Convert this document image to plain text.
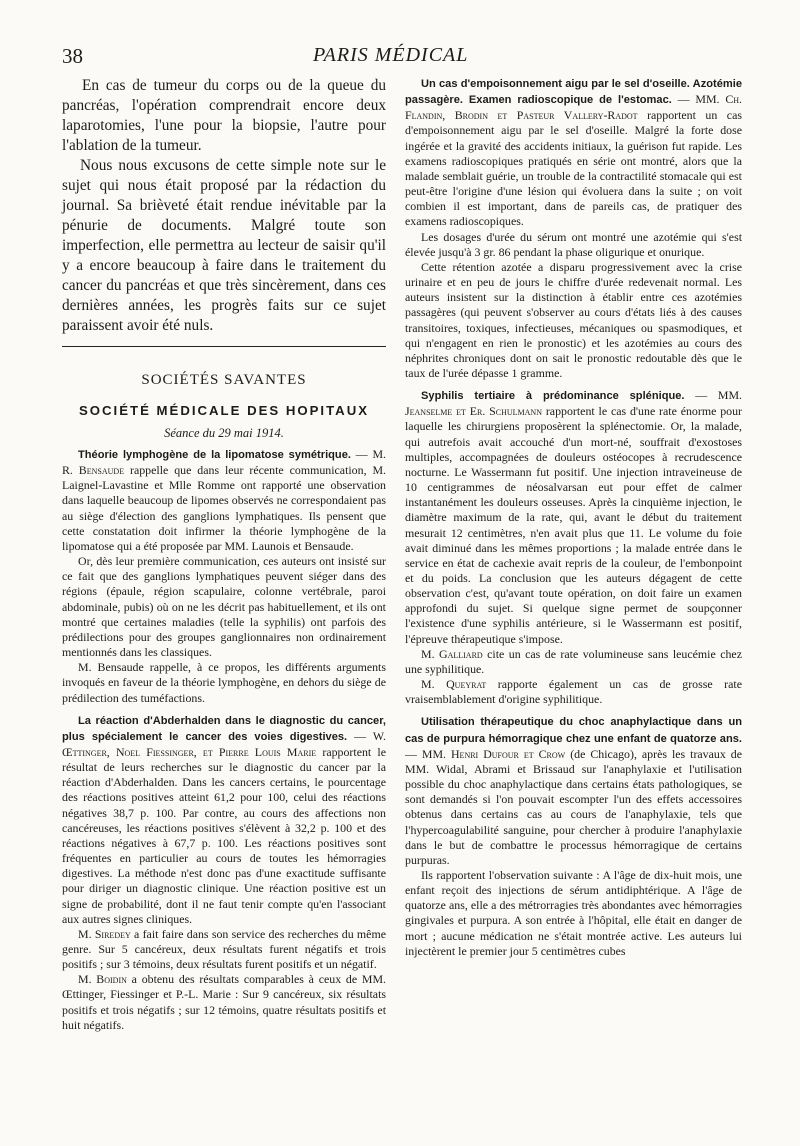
38	PARIS MÉDICAL

En cas de tumeur du corps ou de la queue du pancréas, l'opération comprendrait encore deux laparotomies, l'une pour la biopsie, l'autre pour l'ablation de la tumeur.

Nous nous excusons de cette simple note sur le sujet qui nous était proposé par la rédaction du journal. Sa brièveté était rendue inévitable par la pénurie de documents. Malgré toute son imperfection, elle permettra au lecteur de saisir qu'il y a encore beaucoup à faire dans le traitement du cancer du pancréas et que très sincèrement, dans ces dernières années, les progrès faits sur ce sujet paraissent avoir été nuls.

SOCIÉTÉS SAVANTES
SOCIÉTÉ MÉDICALE DES HOPITAUX
Séance du 29 mai 1914.

Théorie lymphogène de la lipomatose symétrique. — M. R. Bensaude rappelle que dans leur récente communication, M. Laignel-Lavastine et Mlle Romme ont rapporté une observation dans laquelle beaucoup de lipomes observés ne correspondaient pas au siège d'élection des ganglions lymphatiques. Ils pensent que cette constatation doit infirmer la théorie lymphogène de la lipomatose qui a été proposée par MM. Launois et Bensaude.

Or, dès leur première communication, ces auteurs ont insisté sur ce fait que des ganglions lymphatiques peuvent siéger dans des régions (épaule, région scapulaire, colonne vertébrale, paroi abdominale, pubis) où on ne les décrit pas habituellement, et ils ont montré que certaines maladies (telle la syphilis) ont parfois des prédilections pour des groupes ganglionnaires non ordinairement mentionnés dans les classiques.

M. Bensaude rappelle, à ce propos, les différents arguments invoqués en faveur de la théorie lymphogène, en dehors du siège de prédilection des tuméfactions.

La réaction d'Abderhalden dans le diagnostic du cancer, plus spécialement le cancer des voies digestives. — W. Œttinger, Noel Fiessinger, et Pierre Louis Marie rapportent le résultat de leurs recherches sur le diagnostic du cancer par la réaction d'Abderhalden. Dans les cancers certains, le pourcentage des réactions positives atteint 61,2 pour 100, celui des réactions négatives 38,7 p. 100. Par contre, au cours des affections non cancéreuses, les réactions positives s'élèvent à 32,2 p. 100 et des réactions négatives à 67,7 p. 100. Les réactions positives sont fréquentes en particulier au cours de toutes les hémorragies digestives. La méthode n'est donc pas d'une exactitude suffisante pour diriger un diagnostic clinique. Une réaction positive est un signe de probabilité, dont il ne faut tenir compte qu'en l'associant aux autres signes cliniques.

M. Siredey a fait faire dans son service des recherches du même genre. Sur 5 cancéreux, deux résultats furent négatifs et trois positifs ; sur 3 témoins, deux résultats furent positifs et un négatif.

M. Boidin a obtenu des résultats comparables à ceux de MM. Œttinger, Fiessinger et P.-L. Marie : Sur 9 cancéreux, six résultats positifs et trois négatifs ; sur 12 témoins, quatre résultats positifs et huit négatifs.

Un cas d'empoisonnement aigu par le sel d'oseille. Azotémie passagère. Examen radioscopique de l'estomac. — MM. Ch. Flandin, Brodin et Pasteur Vallery-Radot rapportent un cas d'empoisonnement aigu par le sel d'oseille. Malgré la forte dose ingérée et la gravité des accidents initiaux, la guérison fut rapide. Les examens radioscopiques pratiqués en série ont montré, alors que la malade semblait guérie, un trouble de la contractilité stomacale qui est peut-être l'origine d'une lésion qui évoluera dans la suite ; on voit combien il est important, dans de pareils cas, de pratiquer des examens radioscopiques.

Les dosages d'urée du sérum ont montré une azotémie qui s'est élevée jusqu'à 3 gr. 86 pendant la phase oligurique et onurique.

Cette rétention azotée a disparu progressivement avec la crise urinaire et en peu de jours le chiffre d'urée redevenait normal. Les auteurs insistent sur la distinction à établir entre ces azotémies passagères (qui peuvent s'observer au cours d'états liés à des causes transitoires, toxiques, infectieuses, mécaniques ou spasmodiques, et qui n'engagent en rien le pronostic) et les azotémies au cours des néphrites chroniques dont on sait le pronostic redoutable dès que le taux de l'urée dépasse 1 gramme.

Syphilis tertiaire à prédominance splénique. — MM. Jeanselme et Er. Schulmann rapportent le cas d'une rate énorme pour laquelle les chirurgiens proposèrent la splénectomie. Or, la malade, qui autrefois avait accouché d'un mort-né, souffrait d'exostoses multiples, accompagnées de douleurs ostéocopes à recrudescence nocturne. Le Wassermann fut positif. Une injection intraveineuse de 10 centigrammes de néosalvarsan eut pour effet de calmer instantanément les douleurs osseuses. Après la cinquième injection, le diamètre maximum de la rate, qui, avant le début du traitement mesurait 12 centimètres, n'en avait plus que 11. Le volume du foie avait diminué dans les mêmes proportions ; la malade entrée dans le service en état de cachexie avait repris de la couleur, de l'embonpoint et du poids. La conclusion que les auteurs dégagent de cette observation c'est, qu'avant toute opération, on doit faire un examen approfondi du sujet. Si quelque signe permet de soupçonner l'existence d'une syphilis antérieure, si le Wassermann est positif, l'épreuve thérapeutique s'impose.

M. Galliard cite un cas de rate volumineuse sans leucémie chez une syphilitique.

M. Queyrat rapporte également un cas de grosse rate vraisemblablement d'origine syphilitique.

Utilisation thérapeutique du choc anaphylactique dans un cas de purpura hémorragique chez une enfant de quatorze ans. — MM. Henri Dufour et Crow (de Chicago), après les travaux de MM. Widal, Abrami et Brissaud sur l'anaphylaxie et l'utilisation possible du choc anaphylactique dans certains états pathologiques, se sont demandés si l'on pouvait escompter l'un des effets accessoires obtenus dans certains cas au cours de l'anaphylaxie, tels que l'hypercoagulabilité sanguine, pour chercher à produire l'anaphylaxie dans le but de combattre le processus hémorragique de certains purpuras.

Ils rapportent l'observation suivante : A l'âge de dix-huit mois, une enfant reçoit des injections de sérum antidiphtérique. A l'âge de quatorze ans, elle a des métrorragies très abondantes avec hémorragies gingivales et purpura. A son entrée à l'hôpital, elle était en danger de mort ; aucune médication ne s'était montrée active. Les auteurs lui injectèrent le premier jour 5 centimètres cubes
